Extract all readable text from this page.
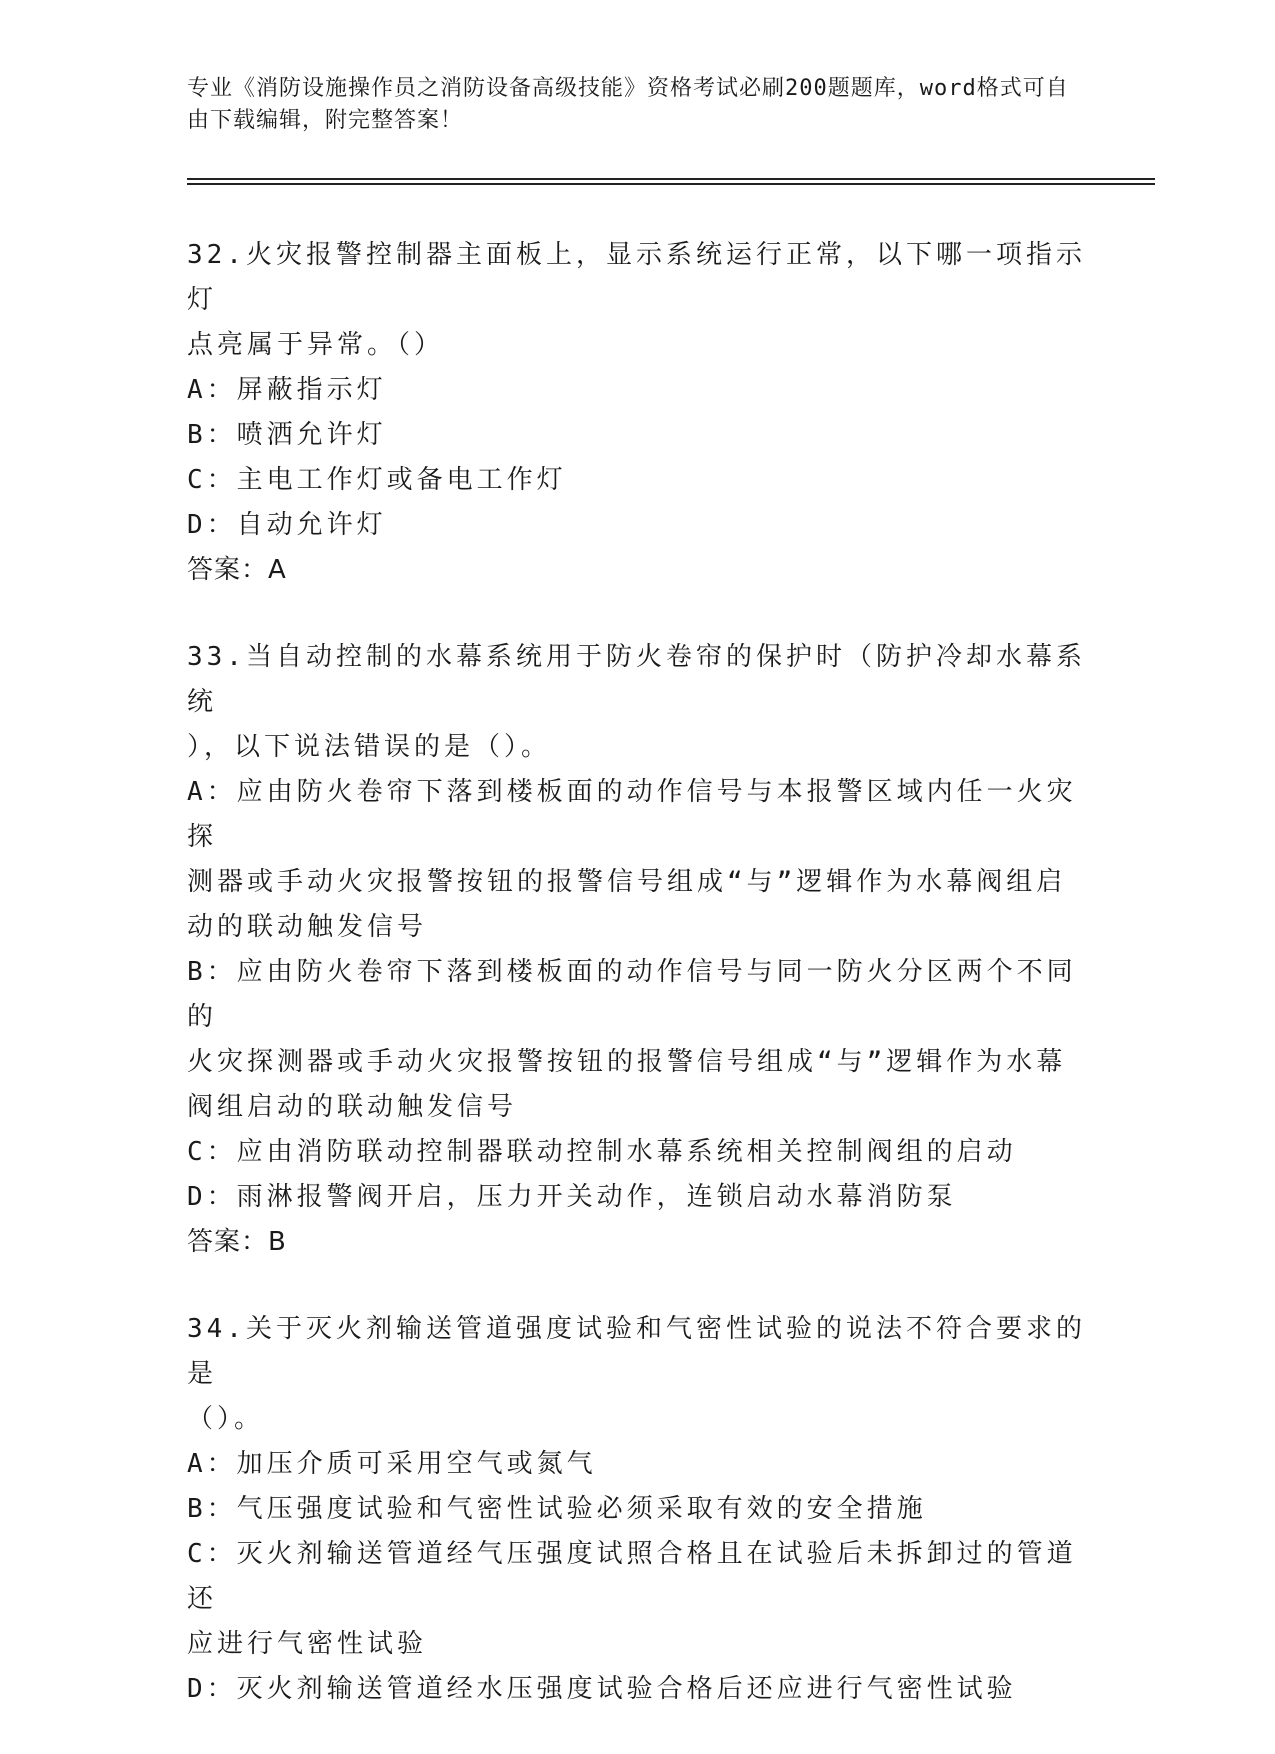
专业《消防设施操作员之消防设备高级技能》资格考试必刷200题题库，word格式可自由下载编辑，附完整答案！
32.火灾报警控制器主面板上，显示系统运行正常，以下哪一项指示灯
点亮属于异常。（）
A：屏蔽指示灯
B：喷洒允许灯
C：主电工作灯或备电工作灯
D：自动允许灯
答案：A
33.当自动控制的水幕系统用于防火卷帘的保护时（防护冷却水幕系统
），以下说法错误的是（）。
A：应由防火卷帘下落到楼板面的动作信号与本报警区域内任一火灾探
测器或手动火灾报警按钮的报警信号组成“与”逻辑作为水幕阀组启
动的联动触发信号
B：应由防火卷帘下落到楼板面的动作信号与同一防火分区两个不同的
火灾探测器或手动火灾报警按钮的报警信号组成“与”逻辑作为水幕
阀组启动的联动触发信号
C：应由消防联动控制器联动控制水幕系统相关控制阀组的启动
D：雨淋报警阀开启，压力开关动作，连锁启动水幕消防泵
答案：B
34.关于灭火剂输送管道强度试验和气密性试验的说法不符合要求的是
（）。
A：加压介质可采用空气或氮气
B：气压强度试验和气密性试验必须采取有效的安全措施
C：灭火剂输送管道经气压强度试照合格且在试验后未拆卸过的管道还
应进行气密性试验
D：灭火剂输送管道经水压强度试验合格后还应进行气密性试验
